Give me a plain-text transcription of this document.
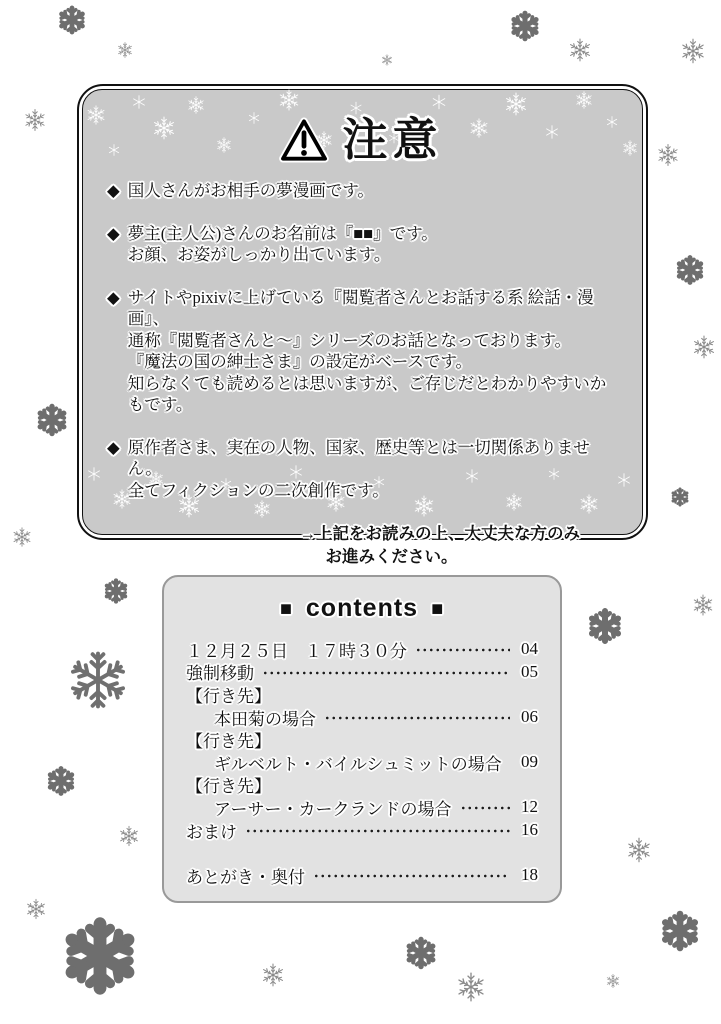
注意
◆ 国人さんがお相手の夢漫画です。
◆ 夢主(主人公)さんのお名前は『■■』です。
お顔、お姿がしっかり出ています。
◆ サイトやpixivに上げている『閲覧者さんとお話する系 絵話・漫画』、
通称『閲覧者さんと〜』シリーズのお話となっております。
『魔法の国の紳士さま』の設定がベースです。
知らなくても読めるとは思いますが、ご存じだとわかりやすいかもです。
◆ 原作者さま、実在の人物、国家、歴史等とは一切関係ありません。
全てフィクションの二次創作です。
→上記をお読みの上、大丈夫な方のみ
お進みください。
■ contents ■
１２月２５日　１７時３０分	04
強制移動	05
【行き先】
本田菊の場合	06
【行き先】
ギルベルト・バイルシュミットの場合	09
【行き先】
アーサー・カークランドの場合	12
おまけ	16
あとがき・奥付	18
